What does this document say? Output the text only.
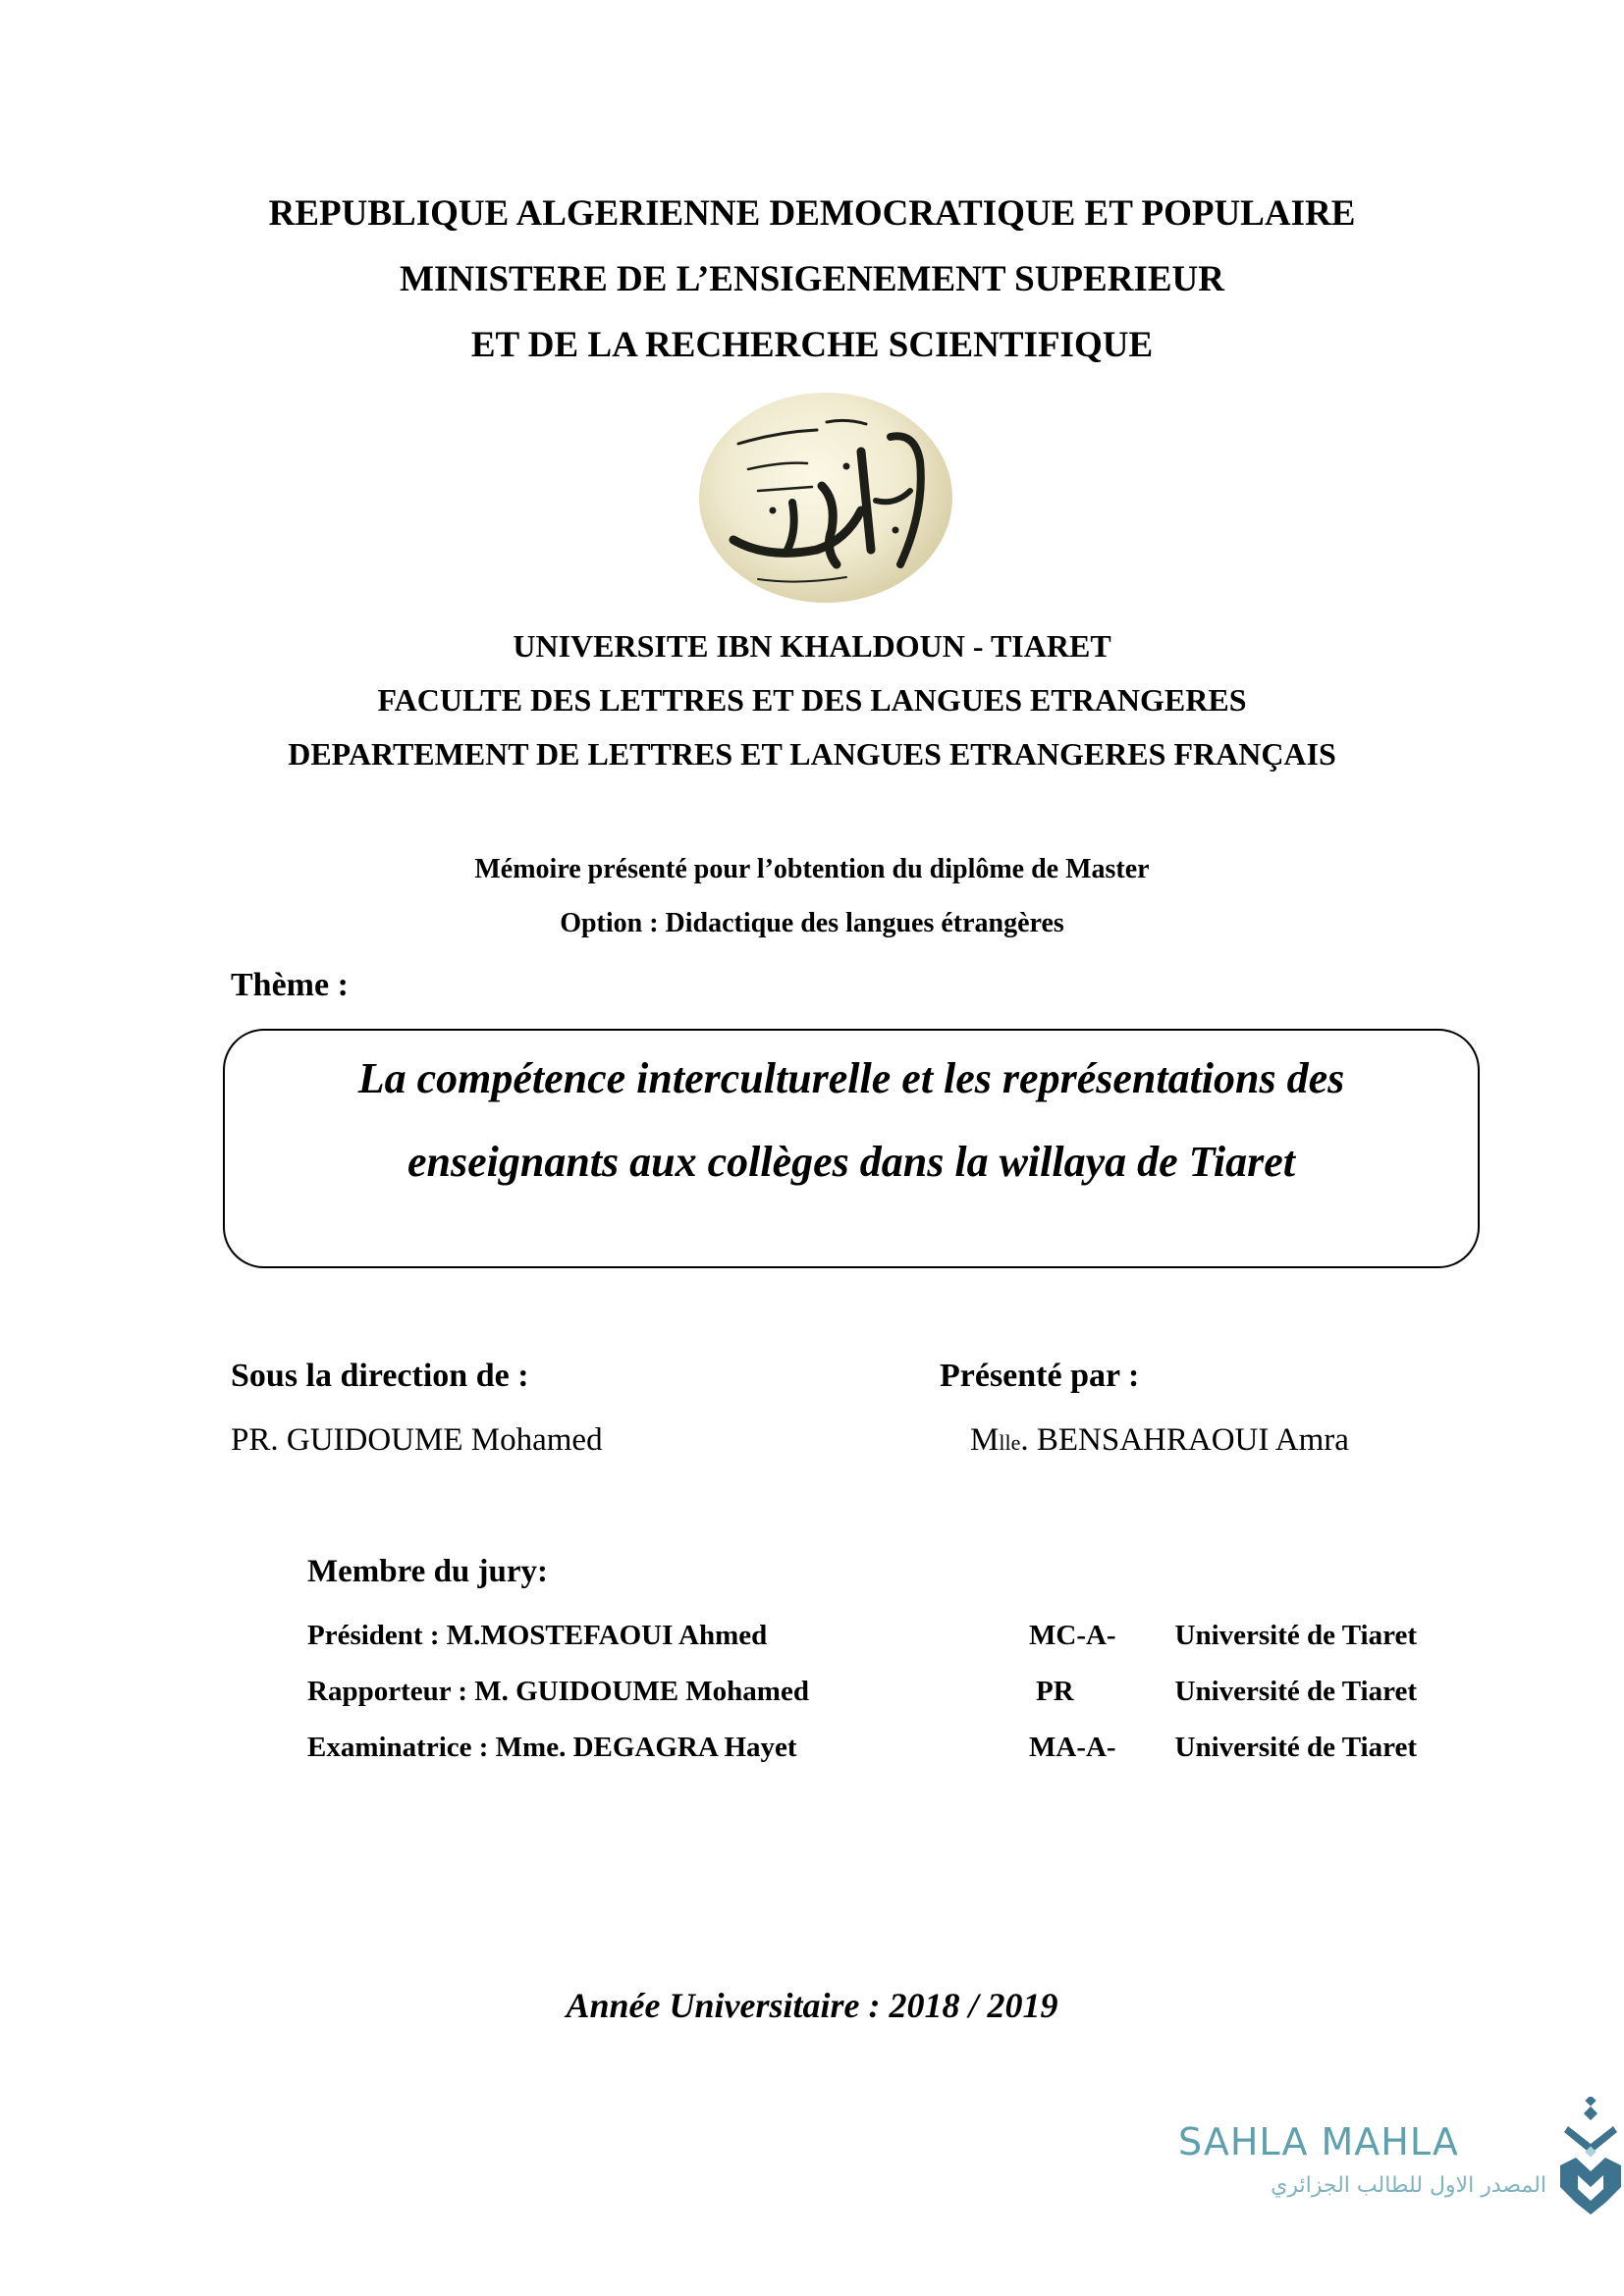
REPUBLIQUE ALGERIENNE DEMOCRATIQUE ET POPULAIRE
MINISTERE DE L’ENSIGENEMENT SUPERIEUR
ET DE LA RECHERCHE SCIENTIFIQUE
UNIVERSITE IBN KHALDOUN - TIARET
FACULTE DES LETTRES ET DES LANGUES ETRANGERES
DEPARTEMENT DE LETTRES ET LANGUES ETRANGERES FRANÇAIS
Mémoire présenté pour l’obtention du diplôme de Master
Option : Didactique des langues étrangères
Thème :
La compétence interculturelle et les représentations des
enseignants aux collèges dans la willaya de Tiaret
Sous la direction de :
PR. GUIDOUME Mohamed
Présenté par :
Mlle. BENSAHRAOUI Amra
Membre du jury:
Président : M.MOSTEFAOUI Ahmed	MC-A- Université de Tiaret
Rapporteur : M. GUIDOUME Mohamed	PR	Université de Tiaret
Examinatrice : Mme. DEGAGRA Hayet	MA-A- Université de Tiaret
Année Universitaire : 2018 / 2019
SAHLA MAHLA
المصدر الاول للطالب الجزائري
